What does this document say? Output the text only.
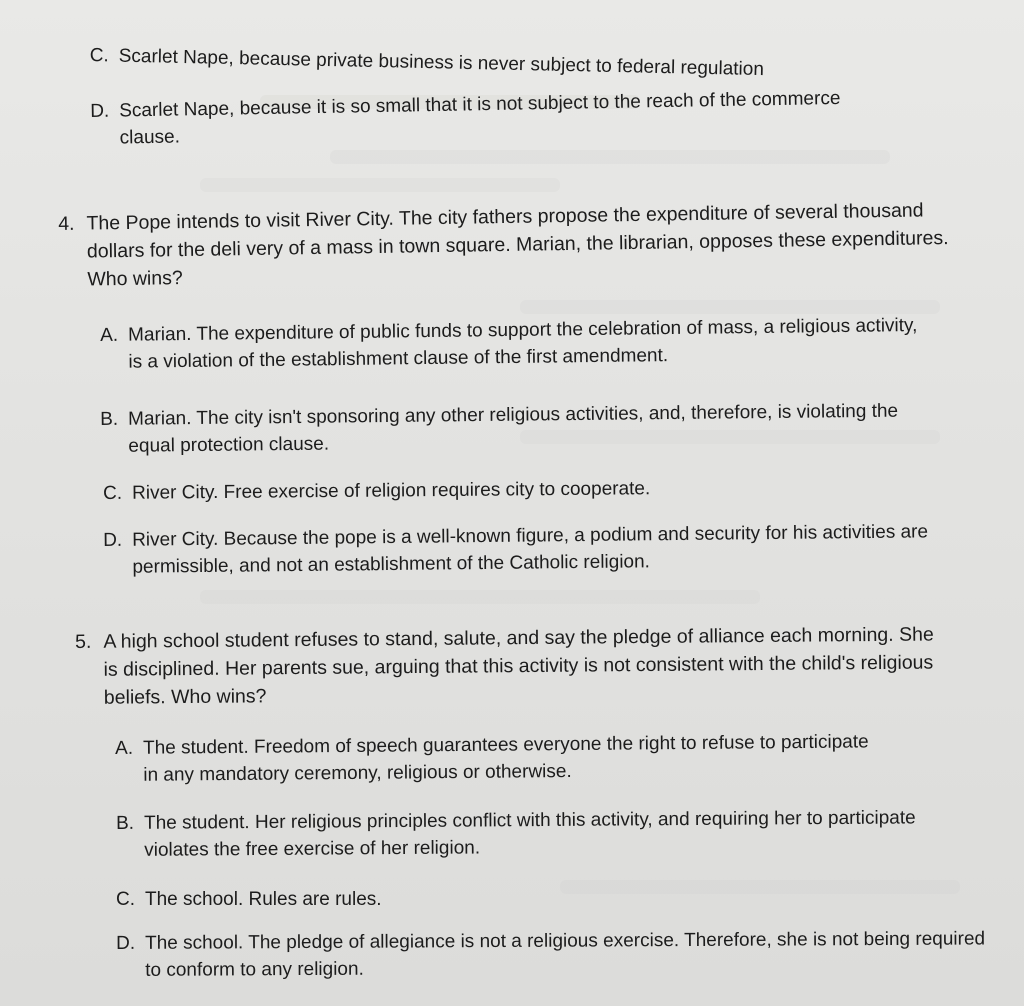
C. Scarlet Nape, because private business is never subject to federal regulation
D. Scarlet Nape, because it is so small that it is not subject to the reach of the commerce clause.
4. The Pope intends to visit River City. The city fathers propose the expenditure of several thousand dollars for the deli very of a mass in town square. Marian, the librarian, opposes these expenditures. Who wins?
A. Marian. The expenditure of public funds to support the celebration of mass, a religious activity, is a violation of the establishment clause of the first amendment.
B. Marian. The city isn't sponsoring any other religious activities, and, therefore, is violating the equal protection clause.
C. River City. Free exercise of religion requires city to cooperate.
D. River City. Because the pope is a well-known figure, a podium and security for his activities are permissible, and not an establishment of the Catholic religion.
5. A high school student refuses to stand, salute, and say the pledge of alliance each morning. She is disciplined. Her parents sue, arguing that this activity is not consistent with the child's religious beliefs. Who wins?
A. The student. Freedom of speech guarantees everyone the right to refuse to participate in any mandatory ceremony, religious or otherwise.
B. The student. Her religious principles conflict with this activity, and requiring her to participate violates the free exercise of her religion.
C. The school. Rules are rules.
D. The school. The pledge of allegiance is not a religious exercise. Therefore, she is not being required to conform to any religion.
